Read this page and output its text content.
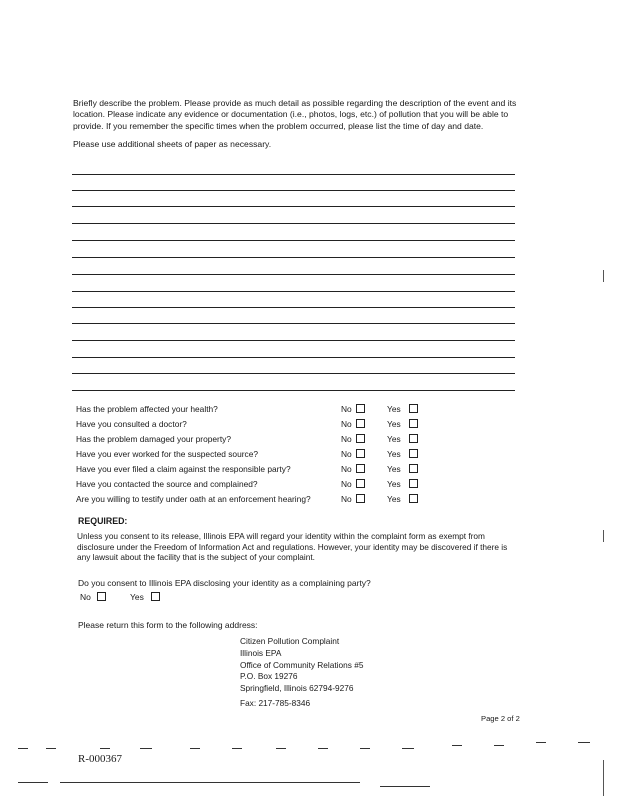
Briefly describe the problem. Please provide as much detail as possible regarding the description of the event and its location. Please indicate any evidence or documentation (i.e., photos, logs, etc.) of pollution that you will be able to provide. If you remember the specific times when the problem occurred, please list the time of day and date.

Please use additional sheets of paper as necessary.

Has the problem affected your health?	No	Yes
Have you consulted a doctor?	No	Yes
Has the problem damaged your property?	No	Yes
Have you ever worked for the suspected source?	No	Yes
Have you ever filed a claim against the responsible party?	No	Yes
Have you contacted the source and complained?	No	Yes
Are you willing to testify under oath at an enforcement hearing?	No	Yes
REQUIRED:
Unless you consent to its release, Illinois EPA will regard your identity within the complaint form as exempt from disclosure under the Freedom of Information Act and regulations. However, your identity may be discovered if there is any lawsuit about the facility that is the subject of your complaint.
Do you consent to Illinois EPA disclosing your identity as a complaining party?
No	Yes
Please return this form to the following address:
Citizen Pollution Complaint
Illinois EPA
Office of Community Relations #5
P.O. Box 19276
Springfield, Illinois 62794-9276
Fax: 217-785-8346
Page 2 of 2
R-000367
